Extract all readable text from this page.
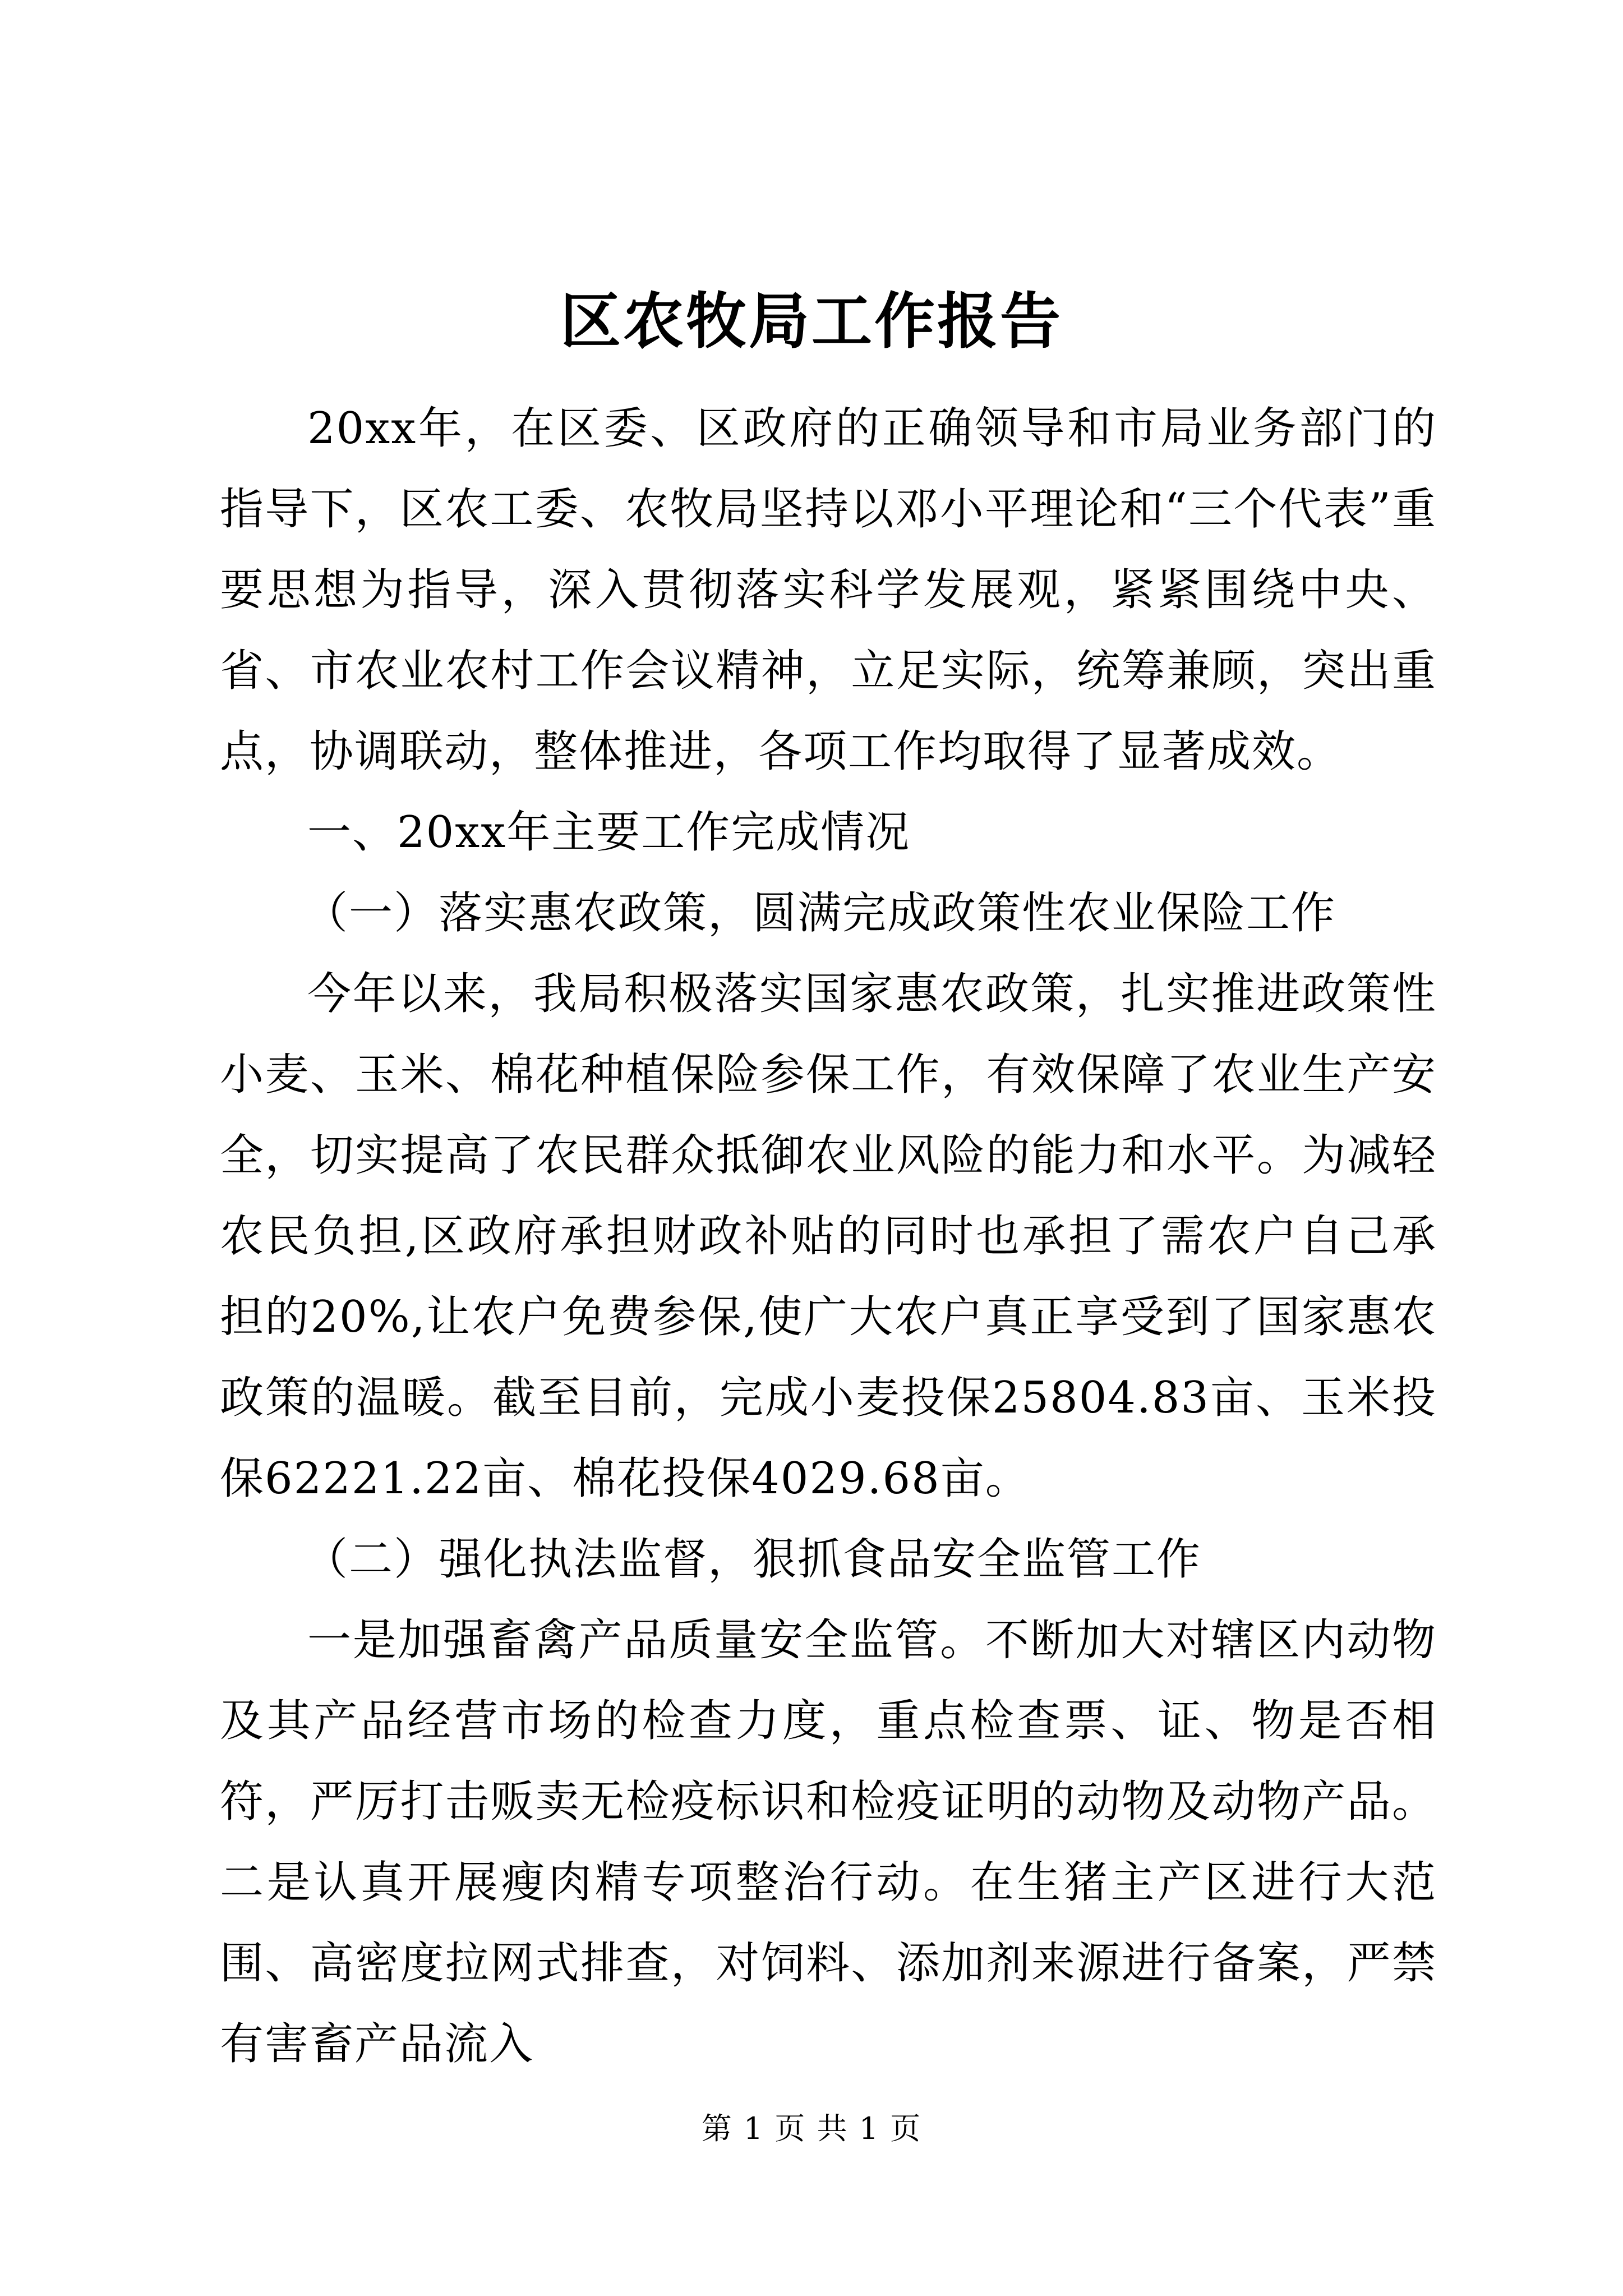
区农牧局工作报告

20xx年，在区委、区政府的正确领导和市局业务部门的指导下，区农工委、农牧局坚持以邓小平理论和“三个代表”重要思想为指导，深入贯彻落实科学发展观，紧紧围绕中央、省、市农业农村工作会议精神，立足实际，统筹兼顾，突出重点，协调联动，整体推进，各项工作均取得了显著成效。

一、20xx年主要工作完成情况

（一）落实惠农政策，圆满完成政策性农业保险工作

今年以来，我局积极落实国家惠农政策，扎实推进政策性小麦、玉米、棉花种植保险参保工作，有效保障了农业生产安全，切实提高了农民群众抵御农业风险的能力和水平。为减轻农民负担,区政府承担财政补贴的同时也承担了需农户自己承担的20%,让农户免费参保,使广大农户真正享受到了国家惠农政策的温暖。截至目前，完成小麦投保25804.83亩、玉米投保62221.22亩、棉花投保4029.68亩。

（二）强化执法监督，狠抓食品安全监管工作

一是加强畜禽产品质量安全监管。不断加大对辖区内动物及其产品经营市场的检查力度，重点检查票、证、物是否相符，严厉打击贩卖无检疫标识和检疫证明的动物及动物产品。二是认真开展瘦肉精专项整治行动。在生猪主产区进行大范围、高密度拉网式排查，对饲料、添加剂来源进行备案，严禁有害畜产品流入

第 1 页 共 1 页
